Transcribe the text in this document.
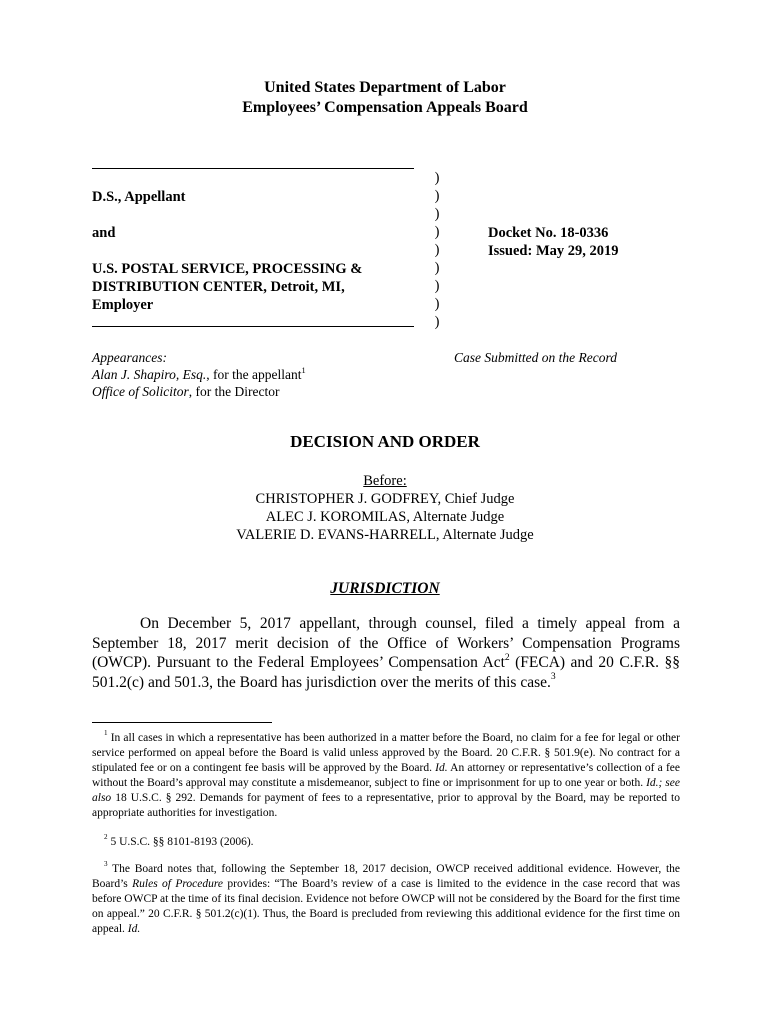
United States Department of Labor
Employees’ Compensation Appeals Board
D.S., Appellant
and
U.S. POSTAL SERVICE, PROCESSING &
DISTRIBUTION CENTER, Detroit, MI,
Employer
)
)
)
)
)
)
)
)
)
Docket No. 18-0336
Issued: May 29, 2019
Appearances:
Alan J. Shapiro, Esq., for the appellant$^1$
Office of Solicitor, for the Director
Case Submitted on the Record
DECISION AND ORDER
Before:
CHRISTOPHER J. GODFREY, Chief Judge
ALEC J. KOROMILAS, Alternate Judge
VALERIE D. EVANS-HARRELL, Alternate Judge
JURISDICTION
On December 5, 2017 appellant, through counsel, filed a timely appeal from a September 18, 2017 merit decision of the Office of Workers’ Compensation Programs (OWCP). Pursuant to the Federal Employees’ Compensation Act$^2$ (FECA) and 20 C.F.R. §§ 501.2(c) and 501.3, the Board has jurisdiction over the merits of this case.$^3$
$^1$ In all cases in which a representative has been authorized in a matter before the Board, no claim for a fee for legal or other service performed on appeal before the Board is valid unless approved by the Board. 20 C.F.R. § 501.9(e). No contract for a stipulated fee or on a contingent fee basis will be approved by the Board. Id. An attorney or representative’s collection of a fee without the Board’s approval may constitute a misdemeanor, subject to fine or imprisonment for up to one year or both. Id.; see also 18 U.S.C. § 292. Demands for payment of fees to a representative, prior to approval by the Board, may be reported to appropriate authorities for investigation.
$^2$ 5 U.S.C. §§ 8101-8193 (2006).
$^3$ The Board notes that, following the September 18, 2017 decision, OWCP received additional evidence. However, the Board’s Rules of Procedure provides: “The Board’s review of a case is limited to the evidence in the case record that was before OWCP at the time of its final decision. Evidence not before OWCP will not be considered by the Board for the first time on appeal.” 20 C.F.R. § 501.2(c)(1). Thus, the Board is precluded from reviewing this additional evidence for the first time on appeal. Id.
